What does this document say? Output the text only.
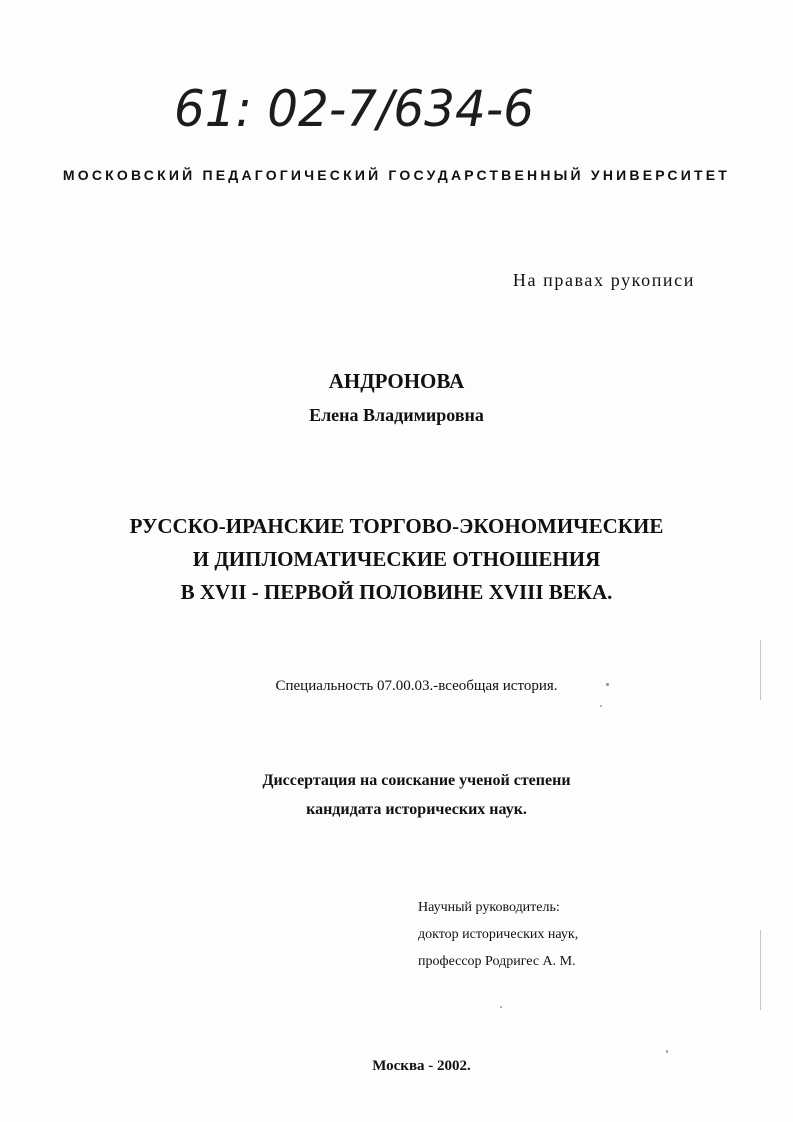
61: 02-7/634-6
МОСКОВСКИЙ ПЕДАГОГИЧЕСКИЙ ГОСУДАРСТВЕННЫЙ УНИВЕРСИТЕТ
На правах рукописи
АНДРОНОВА
Елена Владимировна
РУССКО-ИРАНСКИЕ ТОРГОВО-ЭКОНОМИЧЕСКИЕ
И ДИПЛОМАТИЧЕСКИЕ ОТНОШЕНИЯ
В XVII - ПЕРВОЙ ПОЛОВИНЕ XVIII ВЕКА.
Специальность 07.00.03.-всеобщая история.
Диссертация на соискание ученой степени
кандидата исторических наук.
Научный руководитель:
доктор исторических наук,
профессор Родригес А. М.
Москва - 2002.
